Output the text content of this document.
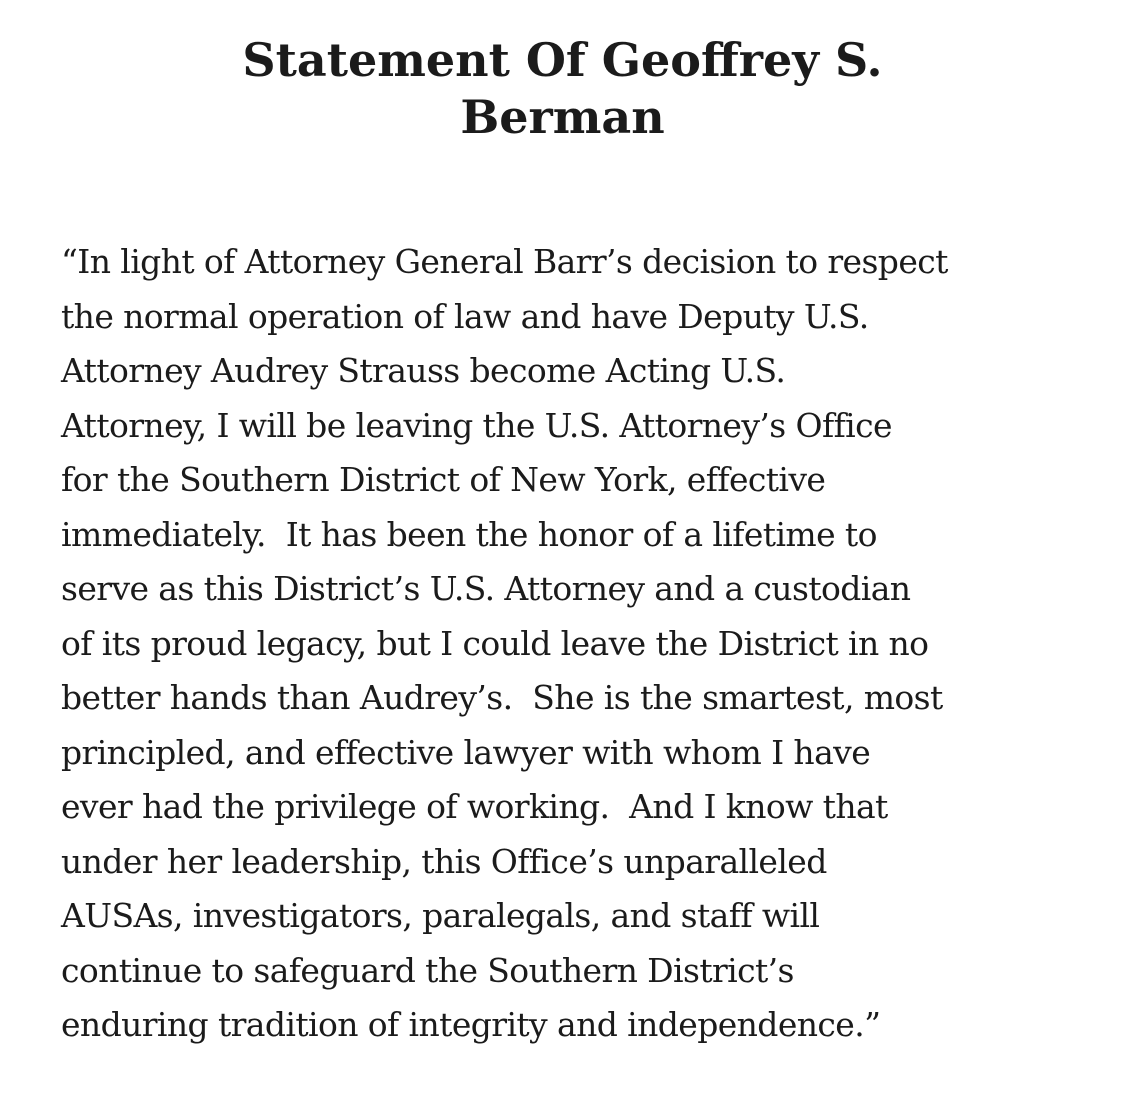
Statement Of Geoffrey S.
Berman
“In light of Attorney General Barr’s decision to respect
the normal operation of law and have Deputy U.S.
Attorney Audrey Strauss become Acting U.S.
Attorney, I will be leaving the U.S. Attorney’s Office
for the Southern District of New York, effective
immediately.  It has been the honor of a lifetime to
serve as this District’s U.S. Attorney and a custodian
of its proud legacy, but I could leave the District in no
better hands than Audrey’s.  She is the smartest, most
principled, and effective lawyer with whom I have
ever had the privilege of working.  And I know that
under her leadership, this Office’s unparalleled
AUSAs, investigators, paralegals, and staff will
continue to safeguard the Southern District’s
enduring tradition of integrity and independence.”
